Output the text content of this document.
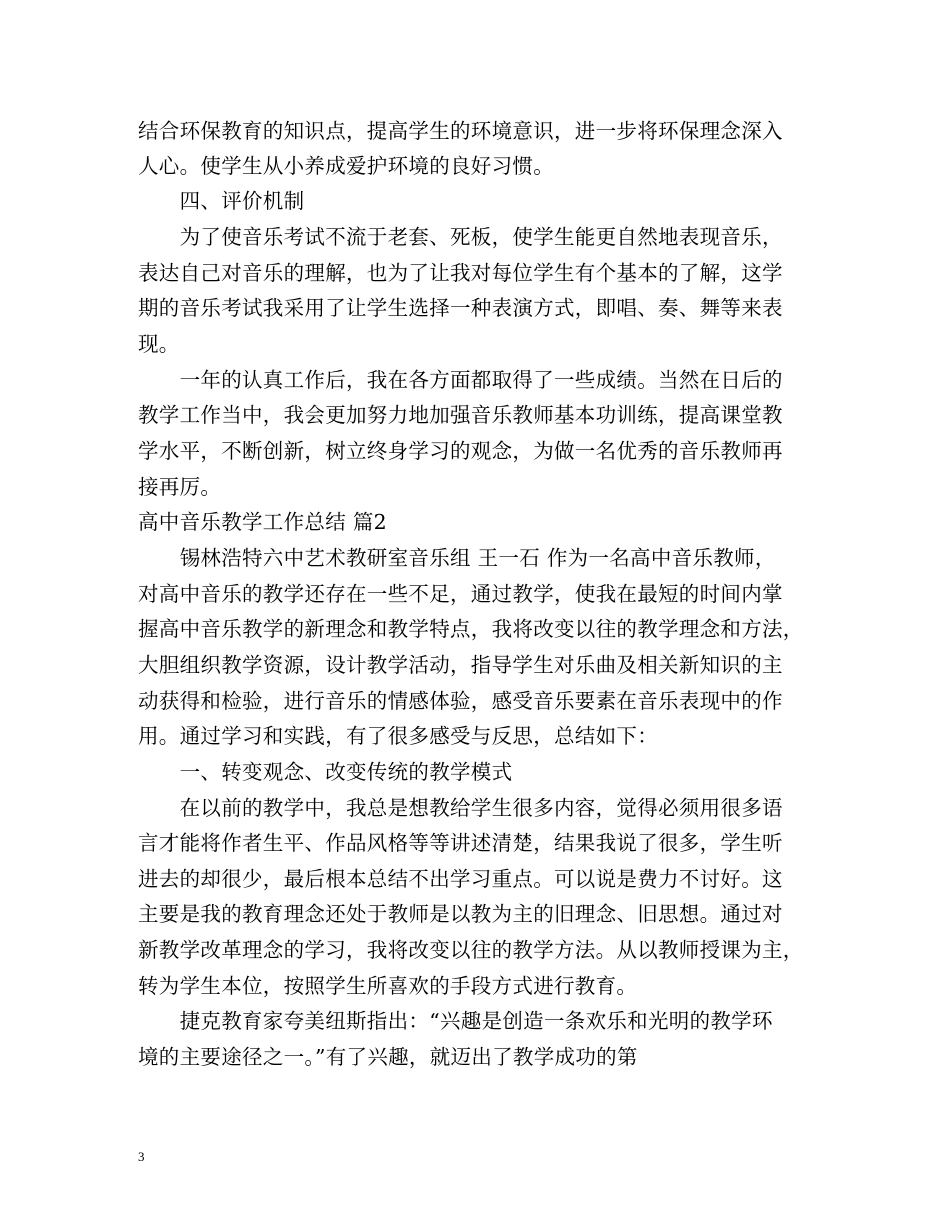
结合环保教育的知识点，提高学生的环境意识，进一步将环保理念深入
人心。使学生从小养成爱护环境的良好习惯。
　　四、评价机制
　　为了使音乐考试不流于老套、死板，使学生能更自然地表现音乐，
表达自己对音乐的理解，也为了让我对每位学生有个基本的了解，这学
期的音乐考试我采用了让学生选择一种表演方式，即唱、奏、舞等来表
现。
　　一年的认真工作后，我在各方面都取得了一些成绩。当然在日后的
教学工作当中，我会更加努力地加强音乐教师基本功训练，提高课堂教
学水平，不断创新，树立终身学习的观念，为做一名优秀的音乐教师再
接再厉。
高中音乐教学工作总结 篇2
　　锡林浩特六中艺术教研室音乐组 王一石 作为一名高中音乐教师，
对高中音乐的教学还存在一些不足，通过教学，使我在最短的时间内掌
握高中音乐教学的新理念和教学特点，我将改变以往的教学理念和方法，
大胆组织教学资源，设计教学活动，指导学生对乐曲及相关新知识的主
动获得和检验，进行音乐的情感体验，感受音乐要素在音乐表现中的作
用。通过学习和实践，有了很多感受与反思，总结如下：
　　一、转变观念、改变传统的教学模式
　　在以前的教学中，我总是想教给学生很多内容，觉得必须用很多语
言才能将作者生平、作品风格等等讲述清楚，结果我说了很多，学生听
进去的却很少，最后根本总结不出学习重点。可以说是费力不讨好。这
主要是我的教育理念还处于教师是以教为主的旧理念、旧思想。通过对
新教学改革理念的学习，我将改变以往的教学方法。从以教师授课为主，
转为学生本位，按照学生所喜欢的手段方式进行教育。
　　捷克教育家夸美纽斯指出：“兴趣是创造一条欢乐和光明的教学环
境的主要途径之一。”有了兴趣，就迈出了教学成功的第
3
